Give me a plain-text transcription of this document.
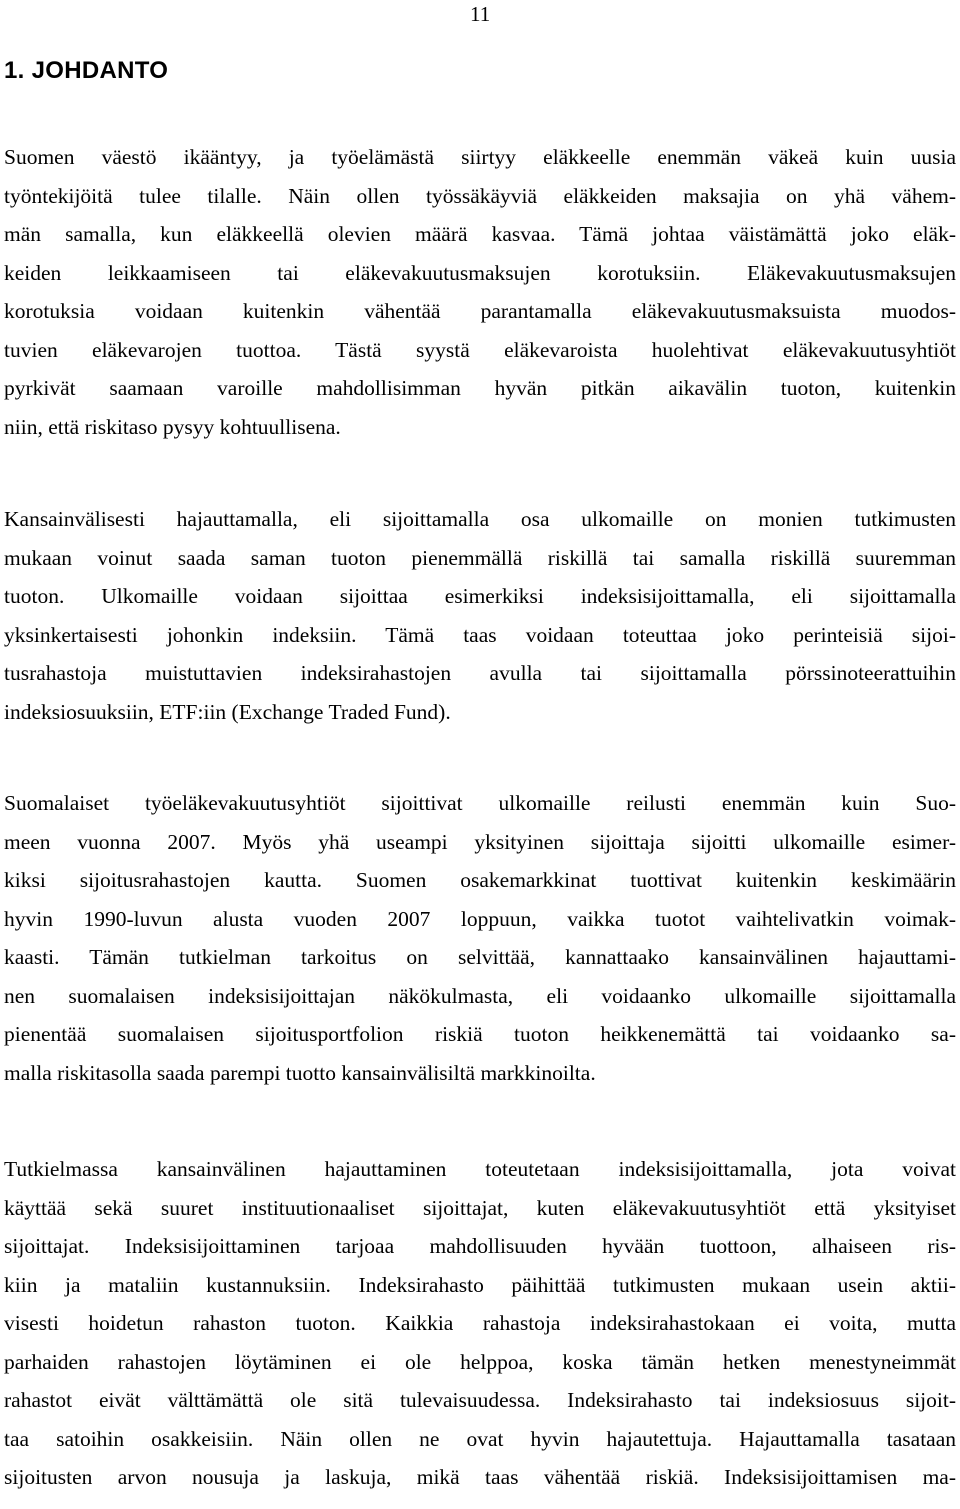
11
1. JOHDANTO
Suomen väestö ikääntyy, ja työelämästä siirtyy eläkkeelle enemmän väkeä kuin uusia
työntekijöitä tulee tilalle. Näin ollen työssäkäyviä eläkkeiden maksajia on yhä vähem-
män samalla, kun eläkkeellä olevien määrä kasvaa. Tämä johtaa väistämättä joko eläk-
keiden leikkaamiseen tai eläkevakuutusmaksujen korotuksiin. Eläkevakuutusmaksujen
korotuksia voidaan kuitenkin vähentää parantamalla eläkevakuutusmaksuista muodos-
tuvien eläkevarojen tuottoa. Tästä syystä eläkevaroista huolehtivat eläkevakuutusyhtiöt
pyrkivät saamaan varoille mahdollisimman hyvän pitkän aikavälin tuoton, kuitenkin
niin, että riskitaso pysyy kohtuullisena.
Kansainvälisesti hajauttamalla, eli sijoittamalla osa ulkomaille on monien tutkimusten
mukaan voinut saada saman tuoton pienemmällä riskillä tai samalla riskillä suuremman
tuoton. Ulkomaille voidaan sijoittaa esimerkiksi indeksisijoittamalla, eli sijoittamalla
yksinkertaisesti johonkin indeksiin. Tämä taas voidaan toteuttaa joko perinteisiä sijoi-
tusrahastoja muistuttavien indeksirahastojen avulla tai sijoittamalla pörssinoteerattuihin
indeksiosuuksiin, ETF:iin (Exchange Traded Fund).
Suomalaiset työeläkevakuutusyhtiöt sijoittivat ulkomaille reilusti enemmän kuin Suo-
meen vuonna 2007. Myös yhä useampi yksityinen sijoittaja sijoitti ulkomaille esimer-
kiksi sijoitusrahastojen kautta. Suomen osakemarkkinat tuottivat kuitenkin keskimäärin
hyvin 1990-luvun alusta vuoden 2007 loppuun, vaikka tuotot vaihtelivatkin voimak-
kaasti. Tämän tutkielman tarkoitus on selvittää, kannattaako kansainvälinen hajauttami-
nen suomalaisen indeksisijoittajan näkökulmasta, eli voidaanko ulkomaille sijoittamalla
pienentää suomalaisen sijoitusportfolion riskiä tuoton heikkenemättä tai voidaanko sa-
malla riskitasolla saada parempi tuotto kansainvälisiltä markkinoilta.
Tutkielmassa kansainvälinen hajauttaminen toteutetaan indeksisijoittamalla, jota voivat
käyttää sekä suuret instituutionaaliset sijoittajat, kuten eläkevakuutusyhtiöt että yksityiset
sijoittajat. Indeksisijoittaminen tarjoaa mahdollisuuden hyvään tuottoon, alhaiseen ris-
kiin ja mataliin kustannuksiin. Indeksirahasto päihittää tutkimusten mukaan usein aktii-
visesti hoidetun rahaston tuoton. Kaikkia rahastoja indeksirahastokaan ei voita, mutta
parhaiden rahastojen löytäminen ei ole helppoa, koska tämän hetken menestyneimmät
rahastot eivät välttämättä ole sitä tulevaisuudessa. Indeksirahasto tai indeksiosuus sijoit-
taa satoihin osakkeisiin. Näin ollen ne ovat hyvin hajautettuja. Hajauttamalla tasataan
sijoitusten arvon nousuja ja laskuja, mikä taas vähentää riskiä. Indeksisijoittamisen ma-
